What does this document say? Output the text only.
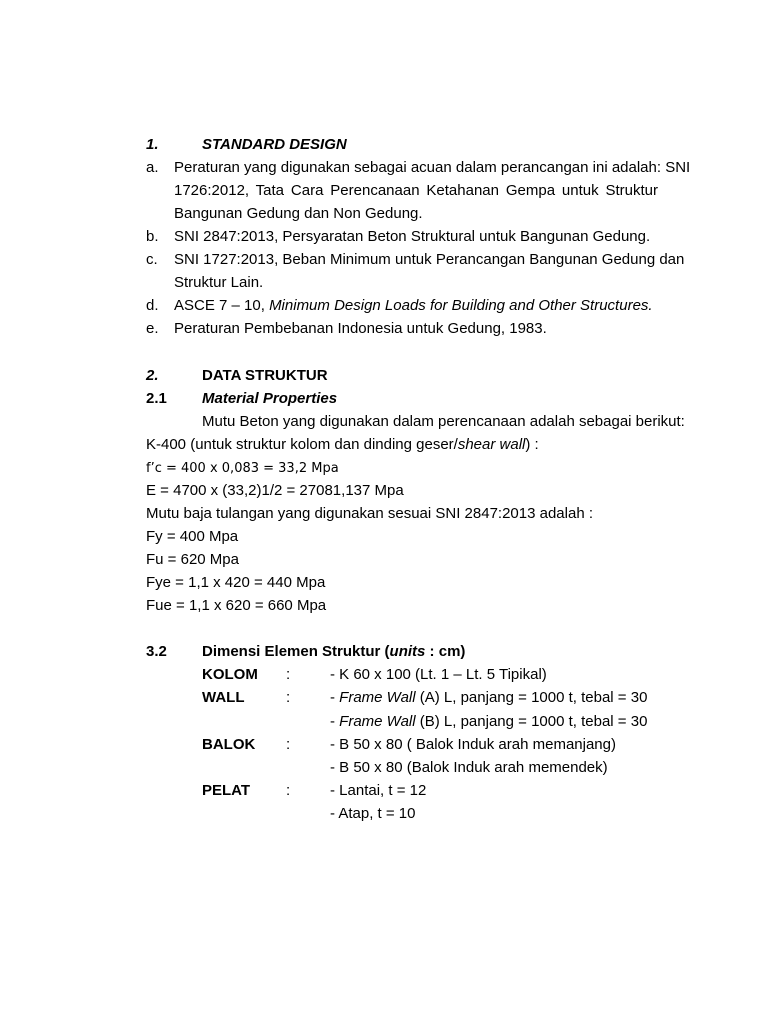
1.	STANDARD DESIGN
a. Peraturan yang digunakan sebagai acuan dalam perancangan ini adalah: SNI
1726:2012, Tata Cara Perencanaan Ketahanan Gempa untuk Struktur
Bangunan Gedung dan Non Gedung.
b. SNI 2847:2013, Persyaratan Beton Struktural untuk Bangunan Gedung.
c. SNI 1727:2013, Beban Minimum untuk Perancangan Bangunan Gedung dan
Struktur Lain.
d. ASCE 7 – 10, Minimum Design Loads for Building and Other Structures.
e. Peraturan Pembebanan Indonesia untuk Gedung, 1983.
2.	DATA STRUKTUR
2.1 Material Properties
Mutu Beton yang digunakan dalam perencanaan adalah sebagai berikut:
K-400 (untuk struktur kolom dan dinding geser/shear wall) :
f’c = 400 x 0,083 = 33,2 Mpa
E = 4700 x (33,2)1/2 = 27081,137 Mpa
Mutu baja tulangan yang digunakan sesuai SNI 2847:2013 adalah :
Fy = 400 Mpa
Fu = 620 Mpa
Fye = 1,1 x 420 = 440 Mpa
Fue = 1,1 x 620 = 660 Mpa
3.2 Dimensi Elemen Struktur (units : cm)
KOLOM :	- K 60 x 100 (Lt. 1 – Lt. 5 Tipikal)
WALL	:	- Frame Wall (A) L, panjang = 1000 t, tebal = 30
- Frame Wall (B) L, panjang = 1000 t, tebal = 30
BALOK :	- B 50 x 80 ( Balok Induk arah memanjang)
- B 50 x 80 (Balok Induk arah memendek)
PELAT :	- Lantai, t = 12
- Atap, t = 10
